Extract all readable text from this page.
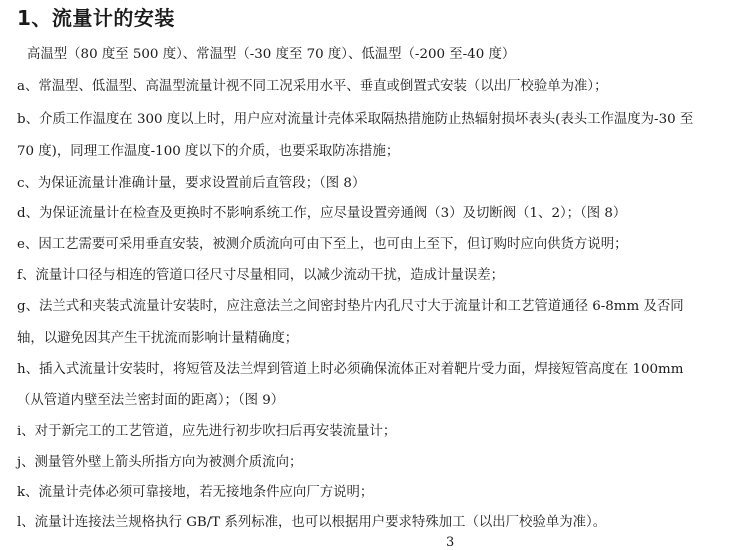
1、流量计的安装
高温型（80 度至 500 度）、常温型（-30 度至 70 度）、低温型（-200 至-40 度）
a、常温型、低温型、高温型流量计视不同工况采用水平、垂直或倒置式安装（以出厂校验单为准）；
b、介质工作温度在 300 度以上时，用户应对流量计壳体采取隔热措施防止热辐射损坏表头(表头工作温度为-30 至
70 度)，同理工作温度-100 度以下的介质，也要采取防冻措施；
c、为保证流量计准确计量，要求设置前后直管段；（图 8）
d、为保证流量计在检查及更换时不影响系统工作，应尽量设置旁通阀（3）及切断阀（1、2）；（图 8）
e、因工艺需要可采用垂直安装，被测介质流向可由下至上，也可由上至下，但订购时应向供货方说明；
f、流量计口径与相连的管道口径尺寸尽量相同，以减少流动干扰，造成计量误差；
g、法兰式和夹装式流量计安装时，应注意法兰之间密封垫片内孔尺寸大于流量计和工艺管道通径 6-8mm 及否同
轴，以避免因其产生干扰流而影响计量精确度；
h、插入式流量计安装时，将短管及法兰焊到管道上时必须确保流体正对着靶片受力面，焊接短管高度在 100mm
（从管道内壁至法兰密封面的距离）；（图 9）
i、对于新完工的工艺管道，应先进行初步吹扫后再安装流量计；
j、测量管外壁上箭头所指方向为被测介质流向；
k、流量计壳体必须可靠接地，若无接地条件应向厂方说明；
l、流量计连接法兰规格执行 GB/T 系列标准，也可以根据用户要求特殊加工（以出厂校验单为准）。
3
